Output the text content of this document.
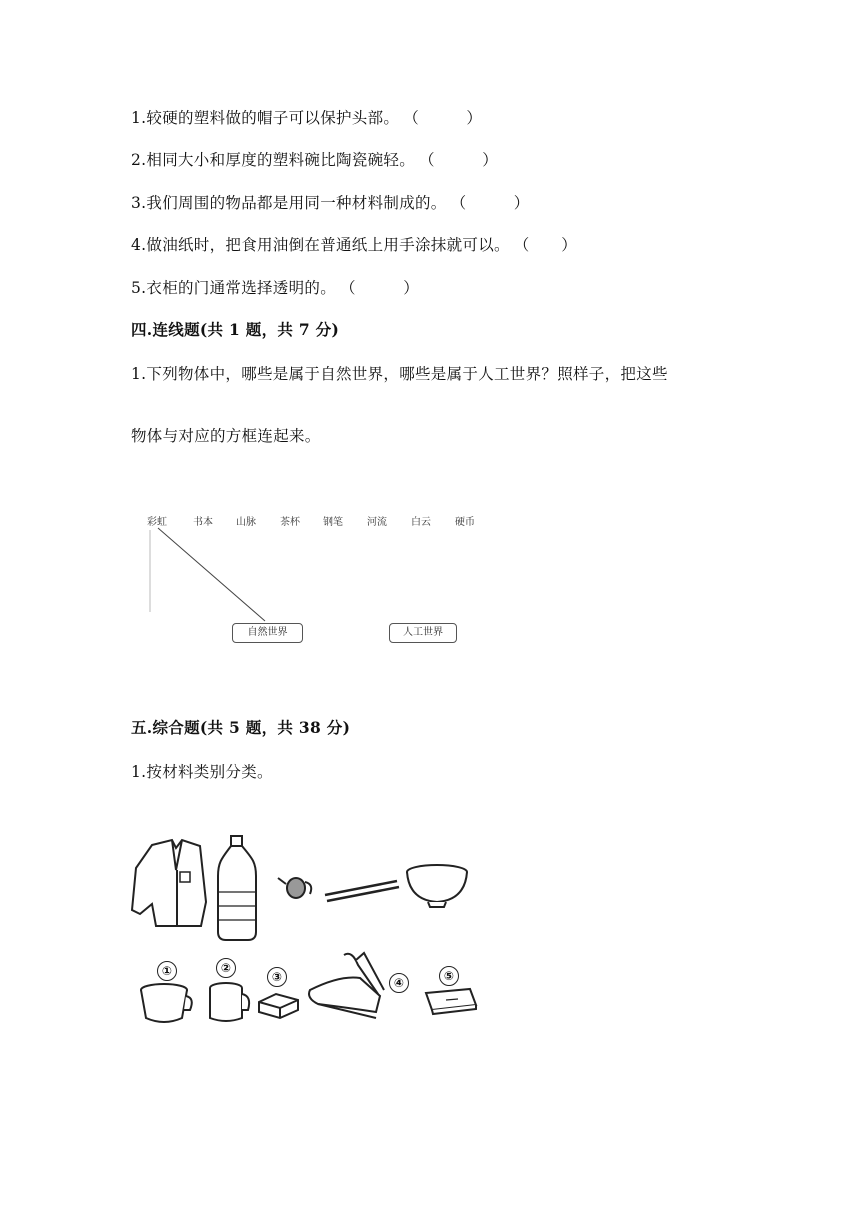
1.较硬的塑料做的帽子可以保护头部。 （　　　）
2.相同大小和厚度的塑料碗比陶瓷碗轻。 （　　　）
3.我们周围的物品都是用同一种材料制成的。 （　　　）
4.做油纸时，把食用油倒在普通纸上用手涂抹就可以。 （　　）
5.衣柜的门通常选择透明的。 （　　　）
四.连线题(共 1 题，共 7 分)
1.下列物体中，哪些是属于自然世界，哪些是属于人工世界？照样子，把这些
物体与对应的方框连起来。
彩虹	书本 山脉 茶杯 钢笔 河流 白云 硬币
自然世界	人工世界
五.综合题(共 5 题，共 38 分)
1.按材料类别分类。
①	②
③	④	⑤
